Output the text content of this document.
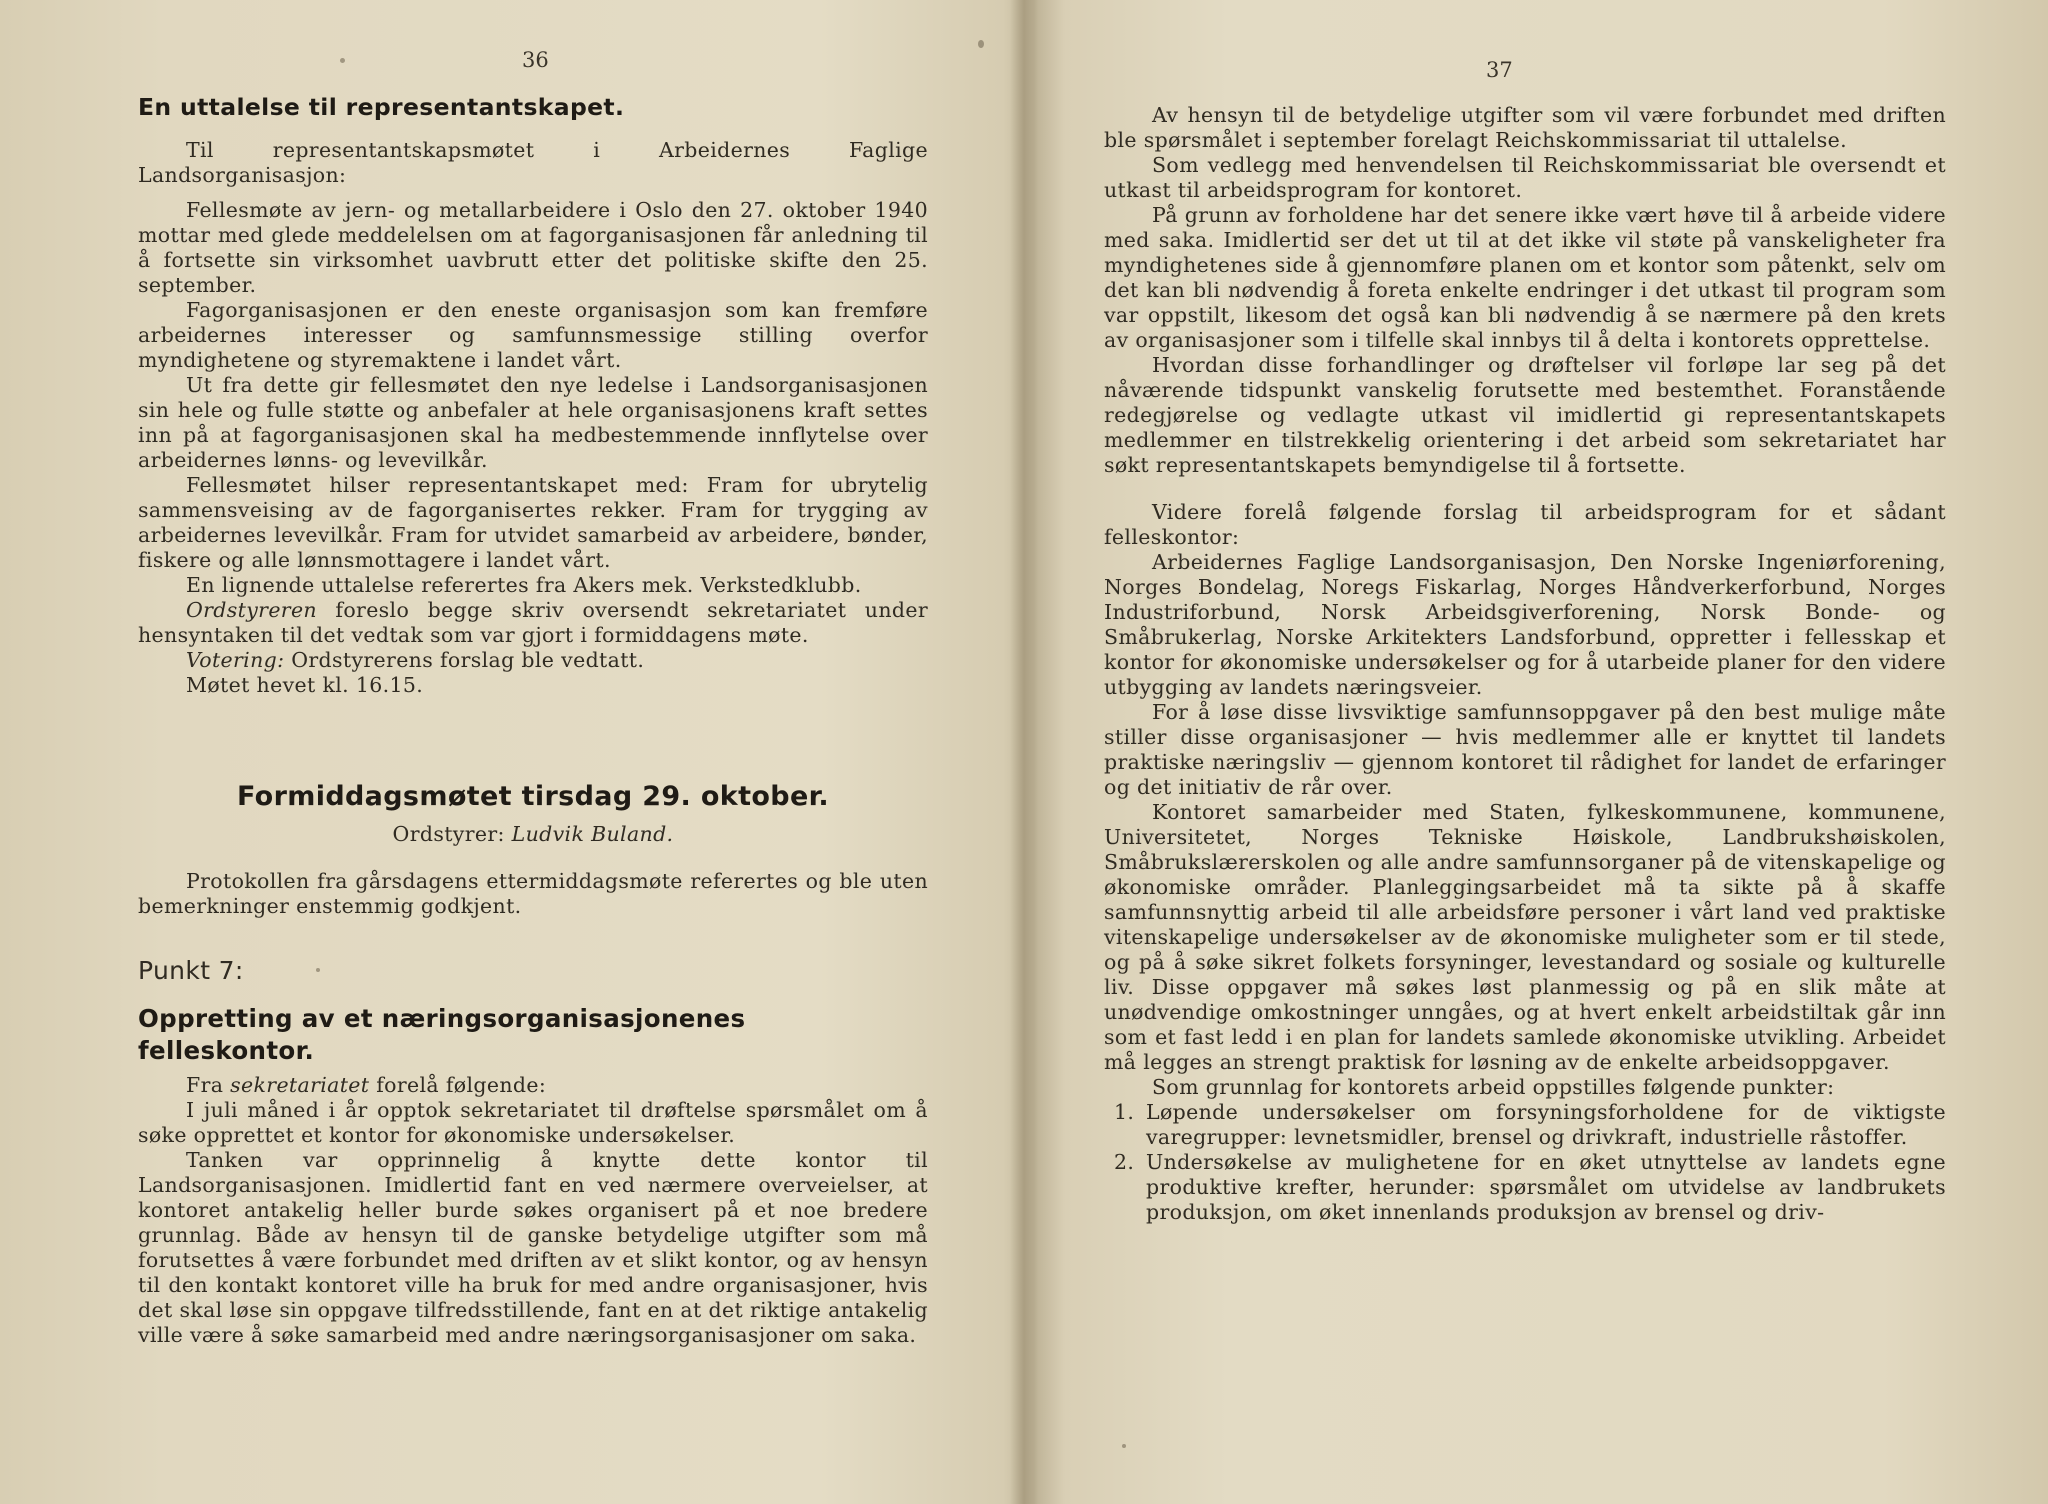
36
En uttalelse til representantskapet.

Til representantskapsmøtet i Arbeidernes Faglige Landsorganisasjon:

Fellesmøte av jern- og metallarbeidere i Oslo den 27. oktober 1940 mottar med glede meddelelsen om at fagorganisasjonen får anledning til å fortsette sin virksomhet uavbrutt etter det politiske skifte den 25. september.

Fagorganisasjonen er den eneste organisasjon som kan fremføre arbeidernes interesser og samfunnsmessige stilling overfor myndighetene og styremaktene i landet vårt.

Ut fra dette gir fellesmøtet den nye ledelse i Landsorganisasjonen sin hele og fulle støtte og anbefaler at hele organisasjonens kraft settes inn på at fagorganisasjonen skal ha medbestemmende innflytelse over arbeidernes lønns- og levevilkår.

Fellesmøtet hilser representantskapet med: Fram for ubrytelig sammensveising av de fagorganisertes rekker. Fram for trygging av arbeidernes levevilkår. Fram for utvidet samarbeid av arbeidere, bønder, fiskere og alle lønnsmottagere i landet vårt.

En lignende uttalelse referertes fra Akers mek. Verkstedklubb.

Ordstyreren foreslo begge skriv oversendt sekretariatet under hensyntaken til det vedtak som var gjort i formiddagens møte.

Votering: Ordstyrerens forslag ble vedtatt.

Møtet hevet kl. 16.15.

Formiddagsmøtet tirsdag 29. oktober.

Ordstyrer: Ludvik Buland.

Protokollen fra gårsdagens ettermiddagsmøte referertes og ble uten bemerkninger enstemmig godkjent.

Punkt 7:
Oppretting av et næringsorganisasjonenes felleskontor.

Fra sekretariatet forelå følgende:

I juli måned i år opptok sekretariatet til drøftelse spørsmålet om å søke opprettet et kontor for økonomiske undersøkelser.

Tanken var opprinnelig å knytte dette kontor til Landsorganisasjonen. Imidlertid fant en ved nærmere overveielser, at kontoret antakelig heller burde søkes organisert på et noe bredere grunnlag. Både av hensyn til de ganske betydelige utgifter som må forutsettes å være forbundet med driften av et slikt kontor, og av hensyn til den kontakt kontoret ville ha bruk for med andre organisasjoner, hvis det skal løse sin oppgave tilfredsstillende, fant en at det riktige antakelig ville være å søke samarbeid med andre næringsorganisasjoner om saka.

37

Av hensyn til de betydelige utgifter som vil være forbundet med driften ble spørsmålet i september forelagt Reichskommissariat til uttalelse.

Som vedlegg med henvendelsen til Reichskommissariat ble oversendt et utkast til arbeidsprogram for kontoret.

På grunn av forholdene har det senere ikke vært høve til å arbeide videre med saka. Imidlertid ser det ut til at det ikke vil støte på vanskeligheter fra myndighetenes side å gjennomføre planen om et kontor som påtenkt, selv om det kan bli nødvendig å foreta enkelte endringer i det utkast til program som var oppstilt, likesom det også kan bli nødvendig å se nærmere på den krets av organisasjoner som i tilfelle skal innbys til å delta i kontorets opprettelse.

Hvordan disse forhandlinger og drøftelser vil forløpe lar seg på det nåværende tidspunkt vanskelig forutsette med bestemthet. Foranstående redegjørelse og vedlagte utkast vil imidlertid gi representantskapets medlemmer en tilstrekkelig orientering i det arbeid som sekretariatet har søkt representantskapets bemyndigelse til å fortsette.

Videre forelå følgende forslag til arbeidsprogram for et sådant felleskontor:

Arbeidernes Faglige Landsorganisasjon, Den Norske Ingeniørforening, Norges Bondelag, Noregs Fiskarlag, Norges Håndverkerforbund, Norges Industriforbund, Norsk Arbeidsgiverforening, Norsk Bonde- og Småbrukerlag, Norske Arkitekters Landsforbund, oppretter i fellesskap et kontor for økonomiske undersøkelser og for å utarbeide planer for den videre utbygging av landets næringsveier.

For å løse disse livsviktige samfunnsoppgaver på den best mulige måte stiller disse organisasjoner — hvis medlemmer alle er knyttet til landets praktiske næringsliv — gjennom kontoret til rådighet for landet de erfaringer og det initiativ de rår over.

Kontoret samarbeider med Staten, fylkeskommunene, kommunene, Universitetet, Norges Tekniske Høiskole, Landbrukshøiskolen, Småbrukslærerskolen og alle andre samfunnsorganer på de vitenskapelige og økonomiske områder. Planleggingsarbeidet må ta sikte på å skaffe samfunnsnyttig arbeid til alle arbeidsføre personer i vårt land ved praktiske vitenskapelige undersøkelser av de økonomiske muligheter som er til stede, og på å søke sikret folkets forsyninger, levestandard og sosiale og kulturelle liv. Disse oppgaver må søkes løst planmessig og på en slik måte at unødvendige omkostninger unngåes, og at hvert enkelt arbeidstiltak går inn som et fast ledd i en plan for landets samlede økonomiske utvikling. Arbeidet må legges an strengt praktisk for løsning av de enkelte arbeidsoppgaver.

Som grunnlag for kontorets arbeid oppstilles følgende punkter:

1. Løpende undersøkelser om forsyningsforholdene for de viktigste varegrupper: levnetsmidler, brensel og drivkraft, industrielle råstoffer.
2. Undersøkelse av mulighetene for en øket utnyttelse av landets egne produktive krefter, herunder: spørsmålet om utvidelse av landbrukets produksjon, om øket innenlands produksjon av brensel og driv-
